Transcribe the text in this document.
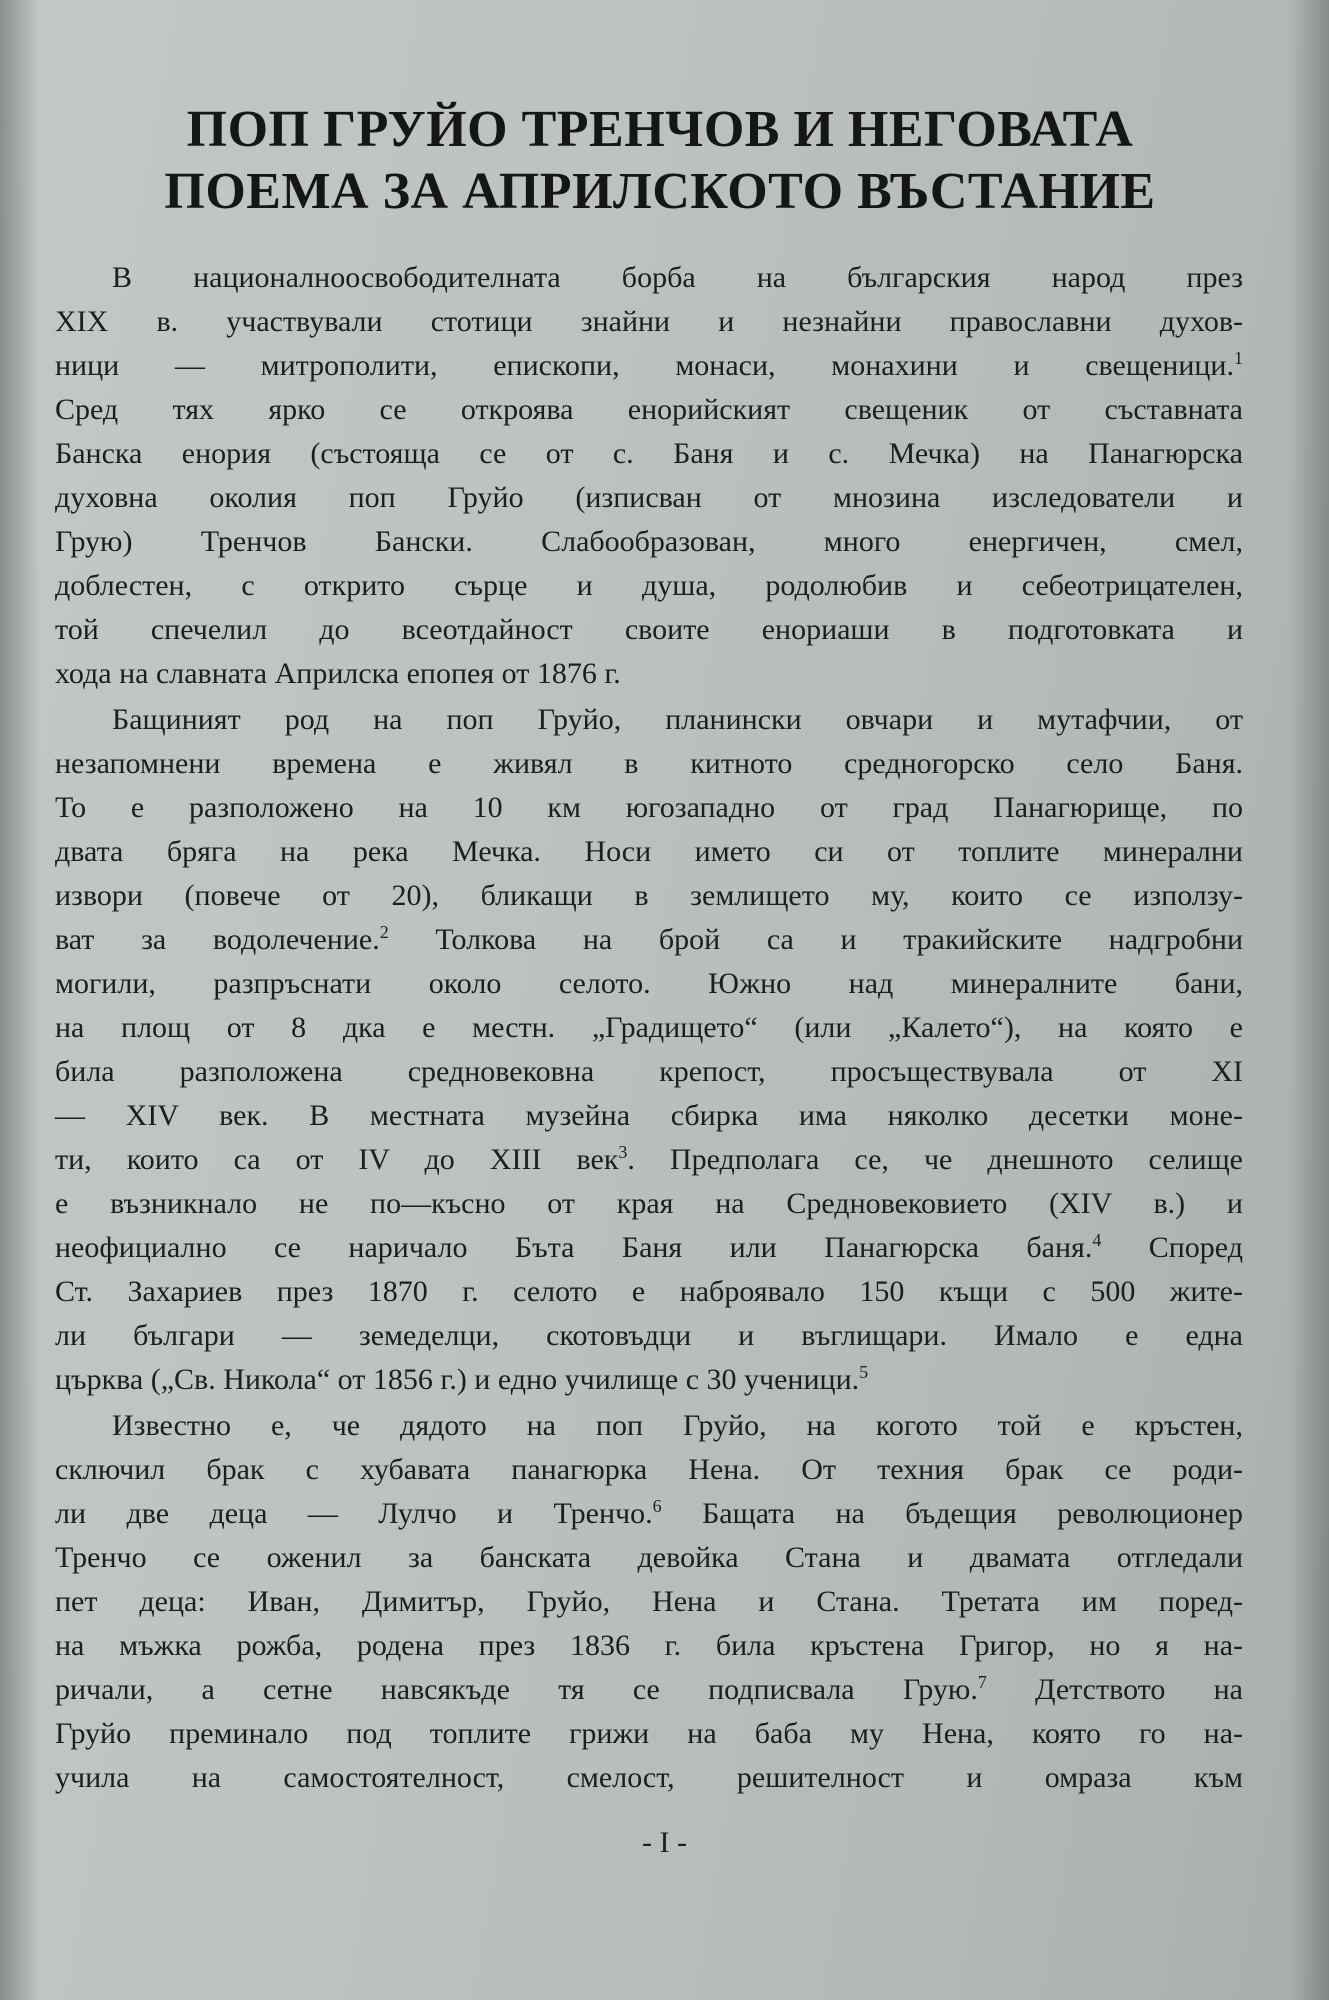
ПОП ГРУЙО ТРЕНЧОВ И НЕГОВАТА
ПОЕМА ЗА АПРИЛСКОТО ВЪСТАНИЕ
В националноосвободителната борба на българския народ през
XIX в. участвували стотици знайни и незнайни православни духов-
ници — митрополити, епископи, монаси, монахини и свещеници.$^1$
Сред тях ярко се откроява енорийският свещеник от съставната
Банска енория (състояща се от с. Баня и с. Мечка) на Панагюрска
духовна околия поп Груйо (изписван от мнозина изследователи и
Грую) Тренчов Бански. Слабообразован, много енергичен, смел,
доблестен, с открито сърце и душа, родолюбив и себеотрицателен,
той спечелил до всеотдайност своите енориаши в подготовката и
хода на славната Априлска епопея от 1876 г.
Бащиният род на поп Груйо, планински овчари и мутафчии, от
незапомнени времена е живял в китното средногорско село Баня.
То е разположено на 10 км югозападно от град Панагюрище, по
двата бряга на река Мечка. Носи името си от топлите минерални
извори (повече от 20), бликащи в землището му, които се използу-
ват за водолечение.$^2$ Толкова на брой са и тракийските надгробни
могили, разпръснати около селото. Южно над минералните бани,
на площ от 8 дка е местн. „Градището“ (или „Калето“), на която е
била разположена средновековна крепост, просъществувала от XI
— XIV век. В местната музейна сбирка има няколко десетки моне-
ти, които са от IV до XIII век$^3$. Предполага се, че днешното селище
е възникнало не по—късно от края на Средновековието (XIV в.) и
неофициално се наричало Бъта Баня или Панагюрска баня.$^4$ Според
Ст. Захариев през 1870 г. селото е наброявало 150 къщи с 500 жите-
ли българи — земеделци, скотовъдци и въглищари. Имало е една
църква („Св. Никола“ от 1856 г.) и едно училище с 30 ученици.$^5$
Известно е, че дядото на поп Груйо, на когото той е кръстен,
сключил брак с хубавата панагюрка Нена. От техния брак се роди-
ли две деца — Лулчо и Тренчо.$^6$ Бащата на бъдещия революционер
Тренчо се оженил за банската девойка Стана и двамата отгледали
пет деца: Иван, Димитър, Груйо, Нена и Стана. Третата им поред-
на мъжка рожба, родена през 1836 г. била кръстена Григор, но я на-
ричали, а сетне навсякъде тя се подписвала Грую.$^7$ Детството на
Груйо преминало под топлите грижи на баба му Нена, която го на-
учила на самостоятелност, смелост, решителност и омраза към
- I -
